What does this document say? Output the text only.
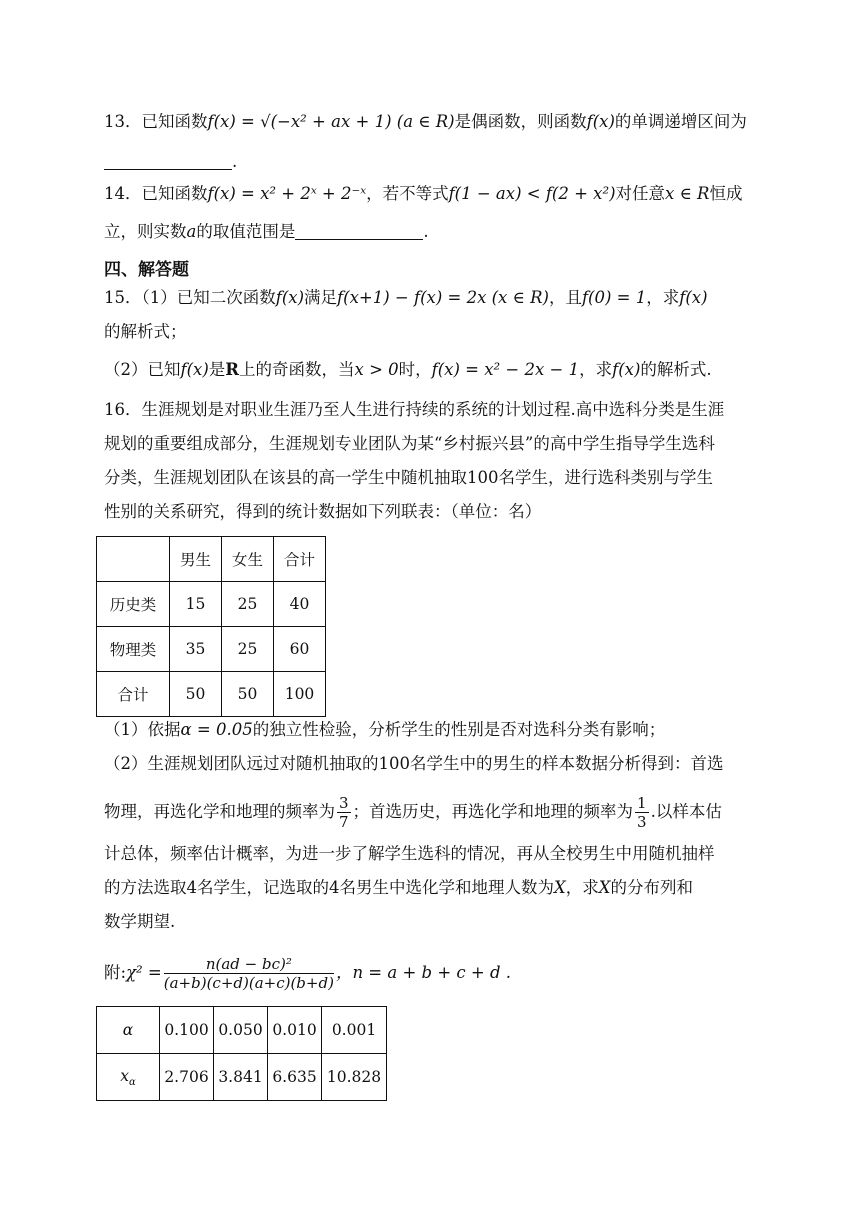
13．已知函数f(x) = √(−x² + ax + 1) (a ∈ R)是偶函数，则函数f(x)的单调递增区间为
.
14．已知函数f(x) = x² + 2ˣ + 2⁻ˣ，若不等式f(1 − ax) < f(2 + x²)对任意x ∈ R恒成
立，则实数a的取值范围是	.
四、解答题
15．（1）已知二次函数f(x)满足f(x+1) − f(x) = 2x (x ∈ R)，且f(0) = 1，求f(x)
的解析式；
（2）已知f(x)是R上的奇函数，当x > 0时，f(x) = x² − 2x − 1，求f(x)的解析式.
16．生涯规划是对职业生涯乃至人生进行持续的系统的计划过程.高中选科分类是生涯
规划的重要组成部分，生涯规划专业团队为某“乡村振兴县”的高中学生指导学生选科
分类，生涯规划团队在该县的高一学生中随机抽取100名学生，进行选科类别与学生
性别的关系研究，得到的统计数据如下列联表：（单位：名）
	男生	女生	合计
历史类	15	25	40
物理类	35	25	60
合计	50	50	100
（1）依据α = 0.05的独立性检验，分析学生的性别是否对选科分类有影响；
（2）生涯规划团队远过对随机抽取的100名学生中的男生的样本数据分析得到：首选
物理，再选化学和地理的频率为 $\frac{3}{7}$ ；首选历史，再选化学和地理的频率为 $\frac{1}{3}$ .以样本估
计总体，频率估计概率，为进一步了解学生选科的情况，再从全校男生中用随机抽样
的方法选取4名学生，记选取的4名男生中选化学和地理人数为X，求X的分布列和
数学期望.
附:χ² = $\frac{\text{n(ad − bc)²}}{(a+b)(c+d)(a+c)(b+d)}$ ，n = a + b + c + d .
α	0.100	0.050	0.010	0.001
$x_\alpha$	2.706	3.841	6.635	10.828
